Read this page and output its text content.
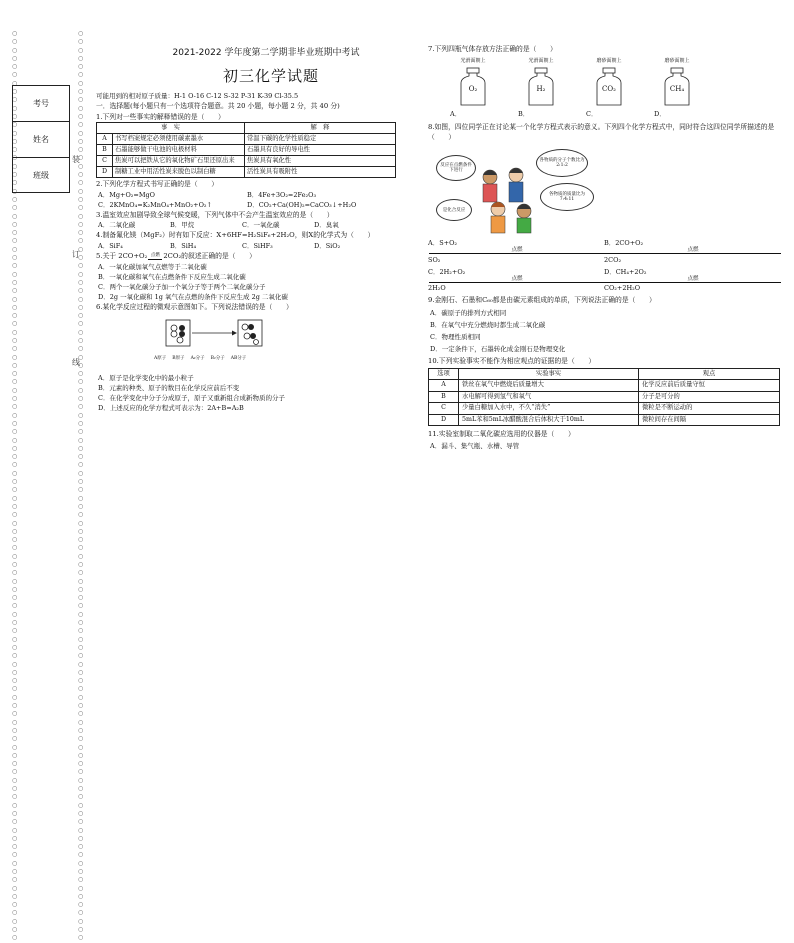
○○○○○○○○○○○○○○○○○○○○○○○○○○○○○○○○○○○○○○○○○○○○○○○○○○○○○○○○○○○○○○○○○○○○○○○○○○○○○○○○○○○○○○○○○○○○○○○○○○○○○○○○○○○○○○
○○○○○○○○○○○○○○○○○○○○○○○○○○○○○○○○○○○○○○○○○○○○○○○○○○○○○○○○○○○○○○○○○○○○○○○○○○○○○○○○○○○○○○○○○○○○○○○○○○○○○○○○○○○○○○
考号
姓名
班级
装
订
线
2021-2022 学年度第二学期非毕业班期中考试
初三化学试题
可能用到的相对原子质量：H-1 O-16 C-12 S-32 P-31 K-39 Cl-35.5
一．选择题(每小题只有一个选项符合题意。共 20 小题，每小题 2 分，共 40 分)
1.下列对一些事实的解释错误的是（　　）
事　实		解　释
A	书写档案规定必须使用碳素墨水	常温下碳的化学性质稳定
B	石墨能够做干电池的电极材料	石墨具有良好的导电性
C	焦炭可以把铁从它的氧化物矿石里还原出来	焦炭具有氧化性
D	制糖工业中用活性炭来脱色以制白糖	活性炭具有吸附性
2.下列化学方程式书写正确的是（　　）
A．Mg+O₂=MgO	B．4Fe+3O₂=2Fe₂O₃
C．2KMnO₄=K₂MnO₄+MnO₂+O₂↑	D．CO₂+Ca(OH)₂=CaCO₃↓+H₂O
3.温室效应加剧导致全球气候变暖，下列气体中不会产生温室效应的是（　　）
A．二氧化碳	B．甲烷	C．一氧化碳	D．臭氧
4.制备氟化镁（MgF₂）时有如下反应：X+6HF=H₂SiF₆+2H₂O，则X的化学式为（　　）
A．SiF₄	B．SiH₄	C．SiHF₃	D．SiO₂
5.关于 2CO+O₂ 点燃 2CO₂的叙述正确的是（　　）
A．一氧化碳加氧气点燃等于二氧化碳
B．一氧化碳和氧气在点燃条件下反应生成二氧化碳
C．两个一氧化碳分子加一个氧分子等于两个二氧化碳分子
D．2g 一氧化碳和 1g 氧气在点燃的条件下反应生成 2g 二氧化碳
6.某化学反应过程的微观示意图如下。下列说法错误的是（　　）
A原子 B原子 A₂分子 B₂分子 AB分子
A．原子是化学变化中的最小粒子
B．元素的种类、原子的数目在化学反应前后不变
C．在化学变化中分子分成原子，原子又重新组合成新物质的分子
D．上述反应的化学方程式可表示为：2A+B=A₂B
7.下列四瓶气体存放方法正确的是（　　）
光滑面朝上
O₂
A．
光滑面朝上
H₂
B．
磨砂面朝上
CO₂
C．
磨砂面朝上
CH₄
D．
8.如图，四位同学正在讨论某一个化学方程式表示的意义。下列四个化学方程式中，同时符合这四位同学所描述的是（　　）
反应在点燃条件下进行
各物质的分子个数比为2:1:2
是化合反应
各物质的质量比为7:4:11
A．S+O₂点燃SO₂
B．2CO+O₂点燃2CO₂
C．2H₂+O₂点燃2H₂O
D．CH₄+2O₂点燃CO₂+2H₂O
9.金刚石、石墨和C₆₀都是由碳元素组成的单质，下列说法正确的是（　　）
A．碳原子的排列方式相同
B．在氧气中充分燃烧时都生成二氧化碳
C．物理性质相同
D．一定条件下，石墨转化成金刚石是物理变化
10.下列实验事实不能作为相应观点的证据的是（　　）
选项	实验事实	观点
A	铁丝在氧气中燃烧后质量增大	化学反应前后质量守恒
B	水电解可得到氢气和氧气	分子是可分的
C	少量白糖加入水中，不久“消失”	微粒是不断运动的
D	5mL苯和5mL冰醋酸混合后体积大于10mL	微粒间存在间隔
11.实验室制取二氧化碳应选用的仪器是（　　）
A．漏斗、集气瓶、水槽、导管
